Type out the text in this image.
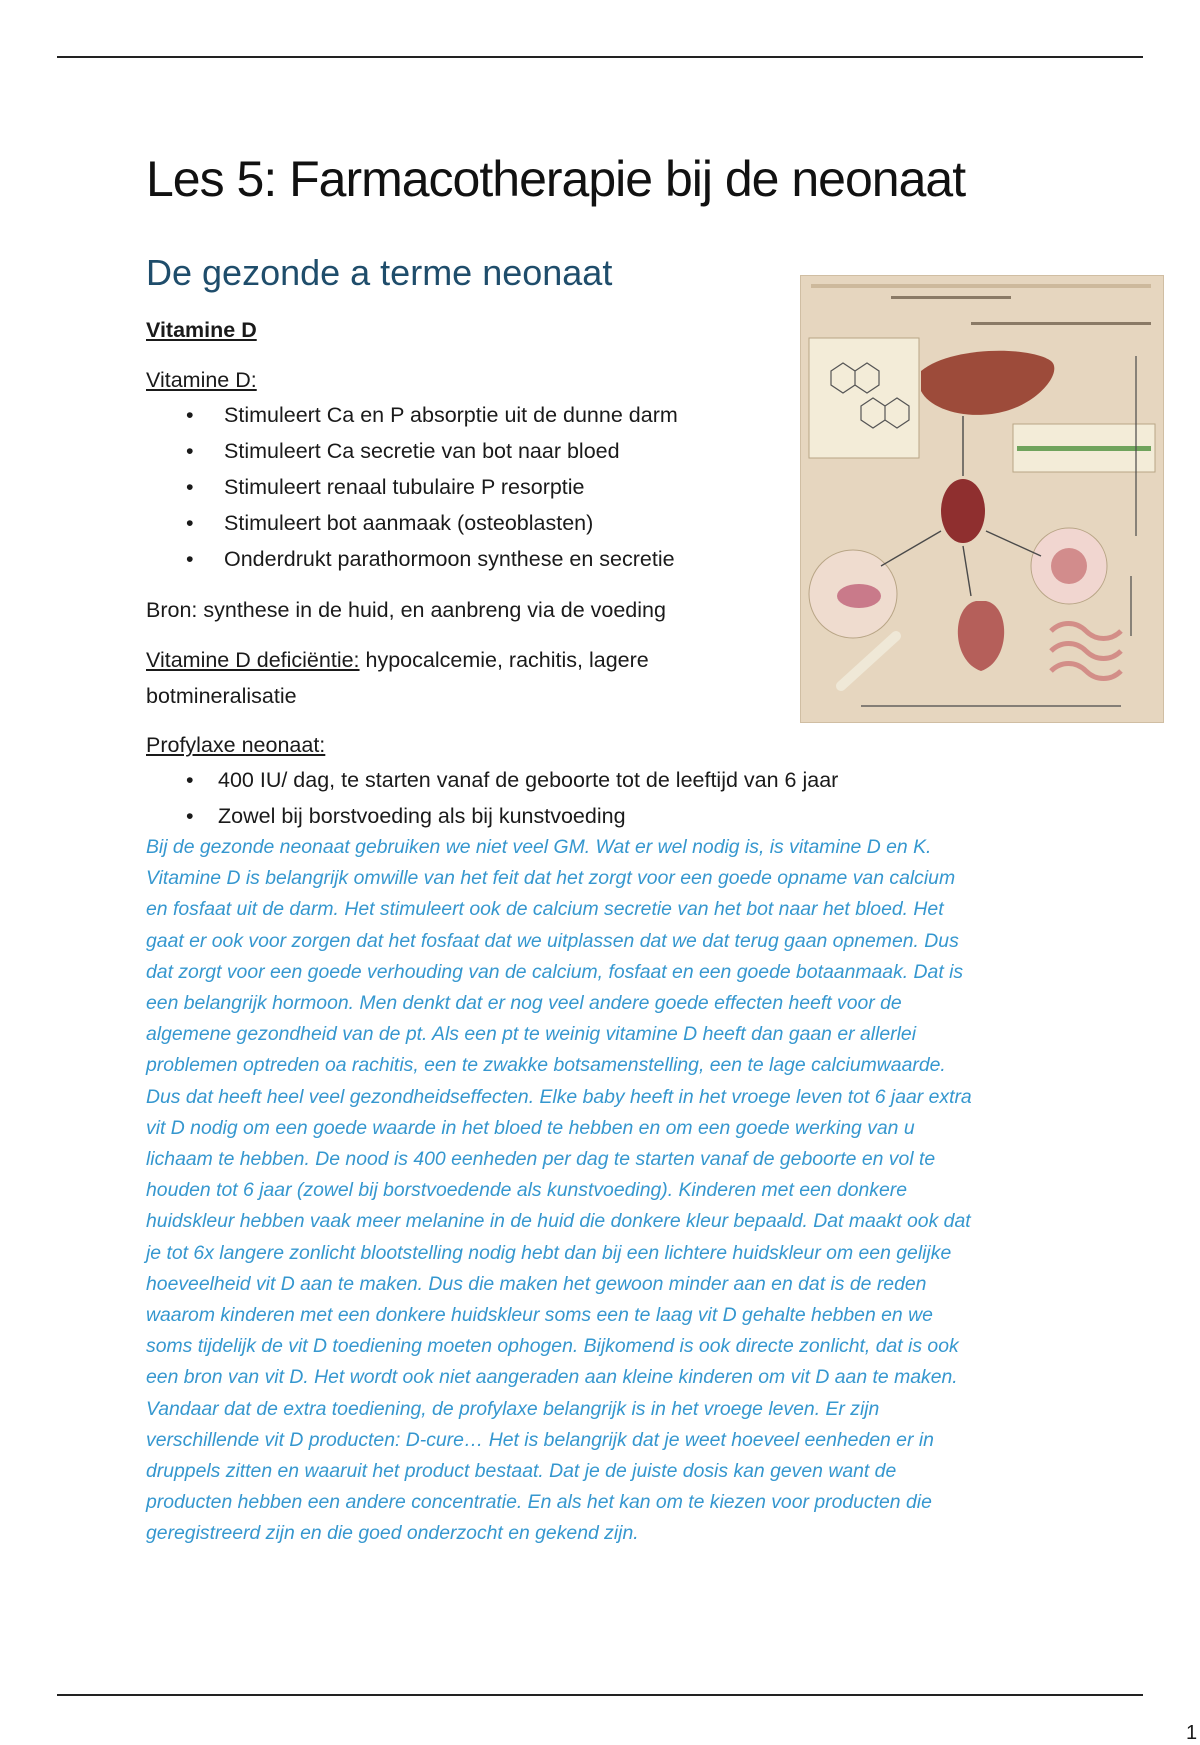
Les 5: Farmacotherapie bij de neonaat
De gezonde a terme neonaat
Vitamine D
Vitamine D:
• Stimuleert Ca en P absorptie uit de dunne darm
• Stimuleert Ca secretie van bot naar bloed
• Stimuleert renaal tubulaire P resorptie
• Stimuleert bot aanmaak (osteoblasten)
• Onderdrukt parathormoon synthese en secretie
Bron: synthese in de huid, en aanbreng via de voeding
Vitamine D deficiëntie: hypocalcemie, rachitis, lagere
botmineralisatie
Profylaxe neonaat:
• 400 IU/ dag, te starten vanaf de geboorte tot de leeftijd van 6 jaar
• Zowel bij borstvoeding als bij kunstvoeding

Bij de gezonde neonaat gebruiken we niet veel GM. Wat er wel nodig is, is vitamine D en K.

Vitamine D is belangrijk omwille van het feit dat het zorgt voor een goede opname van calcium

en fosfaat uit de darm. Het stimuleert ook de calcium secretie van het bot naar het bloed. Het

gaat er ook voor zorgen dat het fosfaat dat we uitplassen dat we dat terug gaan opnemen. Dus

dat zorgt voor een goede verhouding van de calcium, fosfaat en een goede botaanmaak. Dat is

een belangrijk hormoon. Men denkt dat er nog veel andere goede effecten heeft voor de

algemene gezondheid van de pt. Als een pt te weinig vitamine D heeft dan gaan er allerlei

problemen optreden oa rachitis, een te zwakke botsamenstelling, een te lage calciumwaarde.

Dus dat heeft heel veel gezondheidseffecten. Elke baby heeft in het vroege leven tot 6 jaar extra

vit D nodig om een goede waarde in het bloed te hebben en om een goede werking van u

lichaam te hebben. De nood is 400 eenheden per dag te starten vanaf de geboorte en vol te

houden tot 6 jaar (zowel bij borstvoedende als kunstvoeding). Kinderen met een donkere

huidskleur hebben vaak meer melanine in de huid die donkere kleur bepaald. Dat maakt ook dat

je tot 6x langere zonlicht blootstelling nodig hebt dan bij een lichtere huidskleur om een gelijke

hoeveelheid vit D aan te maken. Dus die maken het gewoon minder aan en dat is de reden

waarom kinderen met een donkere huidskleur soms een te laag vit D gehalte hebben en we

soms tijdelijk de vit D toediening moeten ophogen. Bijkomend is ook directe zonlicht, dat is ook

een bron van vit D. Het wordt ook niet aangeraden aan kleine kinderen om vit D aan te maken.

Vandaar dat de extra toediening, de profylaxe belangrijk is in het vroege leven. Er zijn

verschillende vit D producten: D-cure… Het is belangrijk dat je weet hoeveel eenheden er in

druppels zitten en waaruit het product bestaat. Dat je de juiste dosis kan geven want de

producten hebben een andere concentratie. En als het kan om te kiezen voor producten die

geregistreerd zijn en die goed onderzocht en gekend zijn.

1
